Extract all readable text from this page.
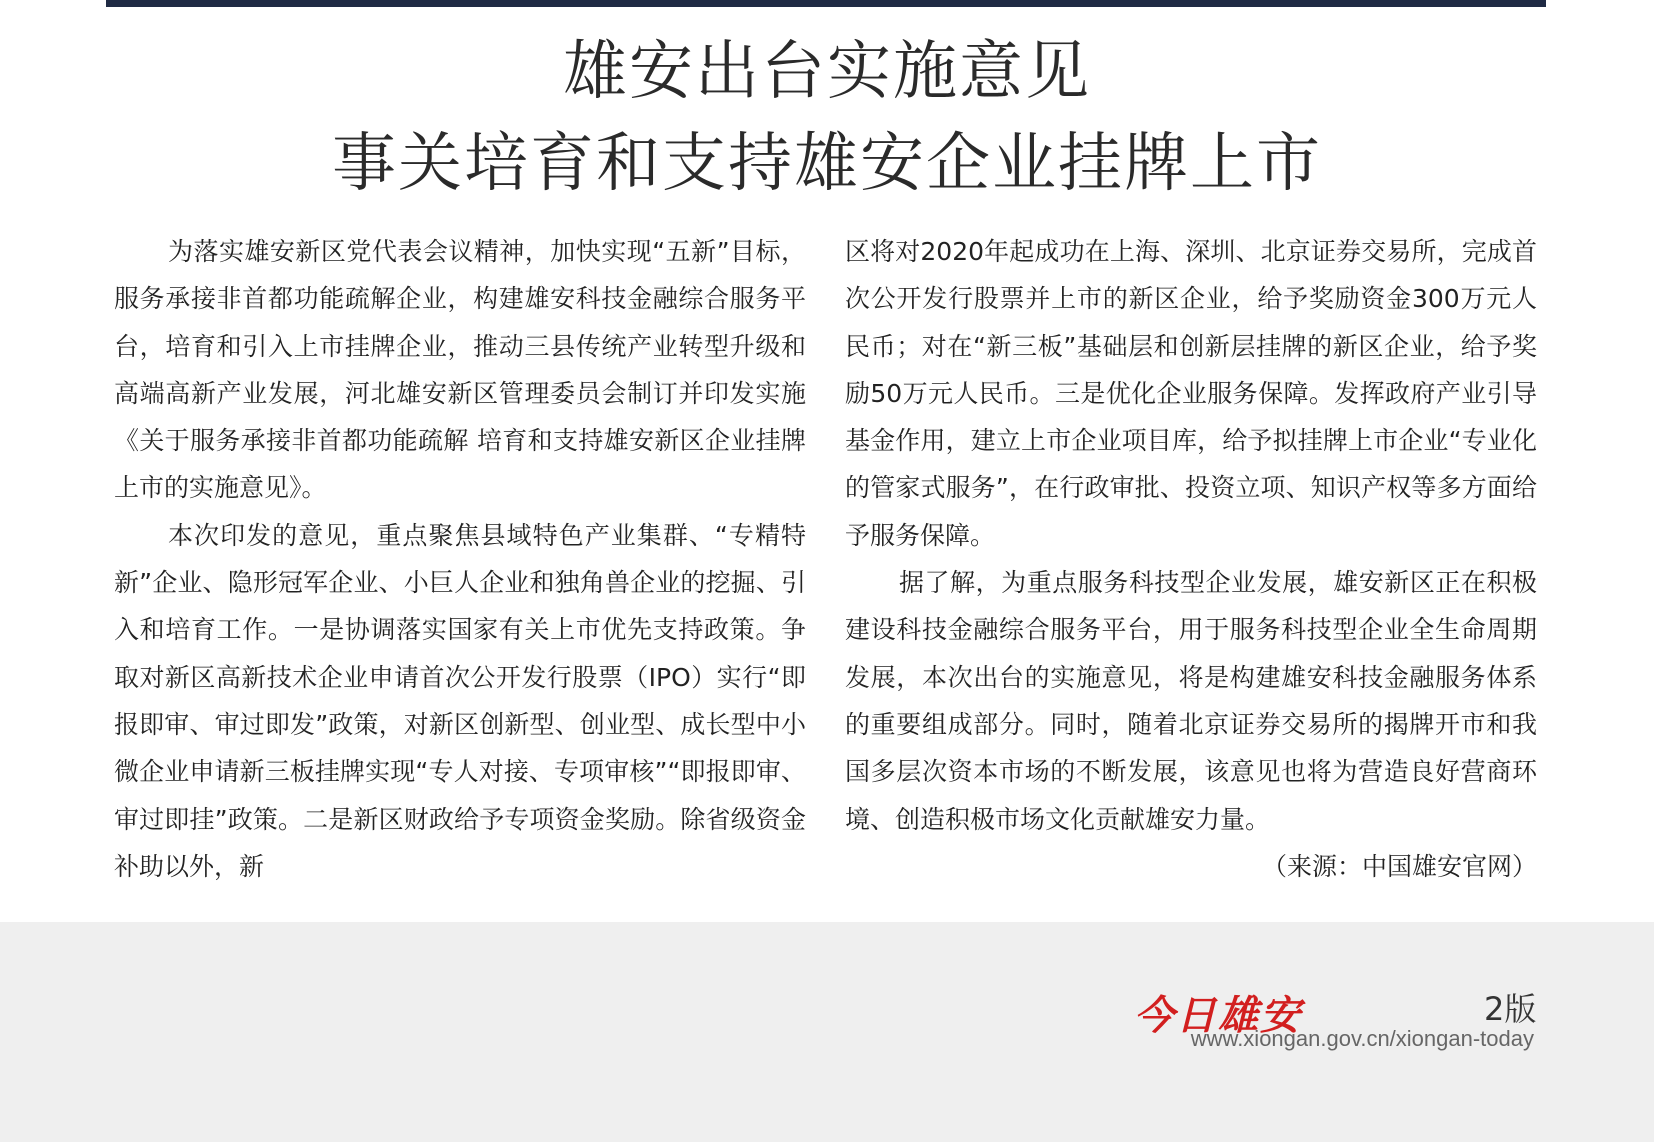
雄安出台实施意见
事关培育和支持雄安企业挂牌上市

为落实雄安新区党代表会议精神，加快实现“五新”目标，服务承接非首都功能疏解企业，构建雄安科技金融综合服务平台，培育和引入上市挂牌企业，推动三县传统产业转型升级和高端高新产业发展，河北雄安新区管理委员会制订并印发实施《关于服务承接非首都功能疏解 培育和支持雄安新区企业挂牌上市的实施意见》。

本次印发的意见，重点聚焦县域特色产业集群、“专精特新”企业、隐形冠军企业、小巨人企业和独角兽企业的挖掘、引入和培育工作。一是协调落实国家有关上市优先支持政策。争取对新区高新技术企业申请首次公开发行股票（IPO）实行“即报即审、审过即发”政策，对新区创新型、创业型、成长型中小微企业申请新三板挂牌实现“专人对接、专项审核”“即报即审、审过即挂”政策。二是新区财政给予专项资金奖励。除省级资金补助以外，新

区将对2020年起成功在上海、深圳、北京证券交易所，完成首次公开发行股票并上市的新区企业，给予奖励资金300万元人民币；对在“新三板”基础层和创新层挂牌的新区企业，给予奖励50万元人民币。三是优化企业服务保障。发挥政府产业引导基金作用，建立上市企业项目库，给予拟挂牌上市企业“专业化的管家式服务”，在行政审批、投资立项、知识产权等多方面给予服务保障。

据了解，为重点服务科技型企业发展，雄安新区正在积极建设科技金融综合服务平台，用于服务科技型企业全生命周期发展，本次出台的实施意见，将是构建雄安科技金融服务体系的重要组成部分。同时，随着北京证券交易所的揭牌开市和我国多层次资本市场的不断发展，该意见也将为营造良好营商环境、创造积极市场文化贡献雄安力量。
（来源：中国雄安官网）

今日雄安	2版
www.xiongan.gov.cn/xiongan-today
